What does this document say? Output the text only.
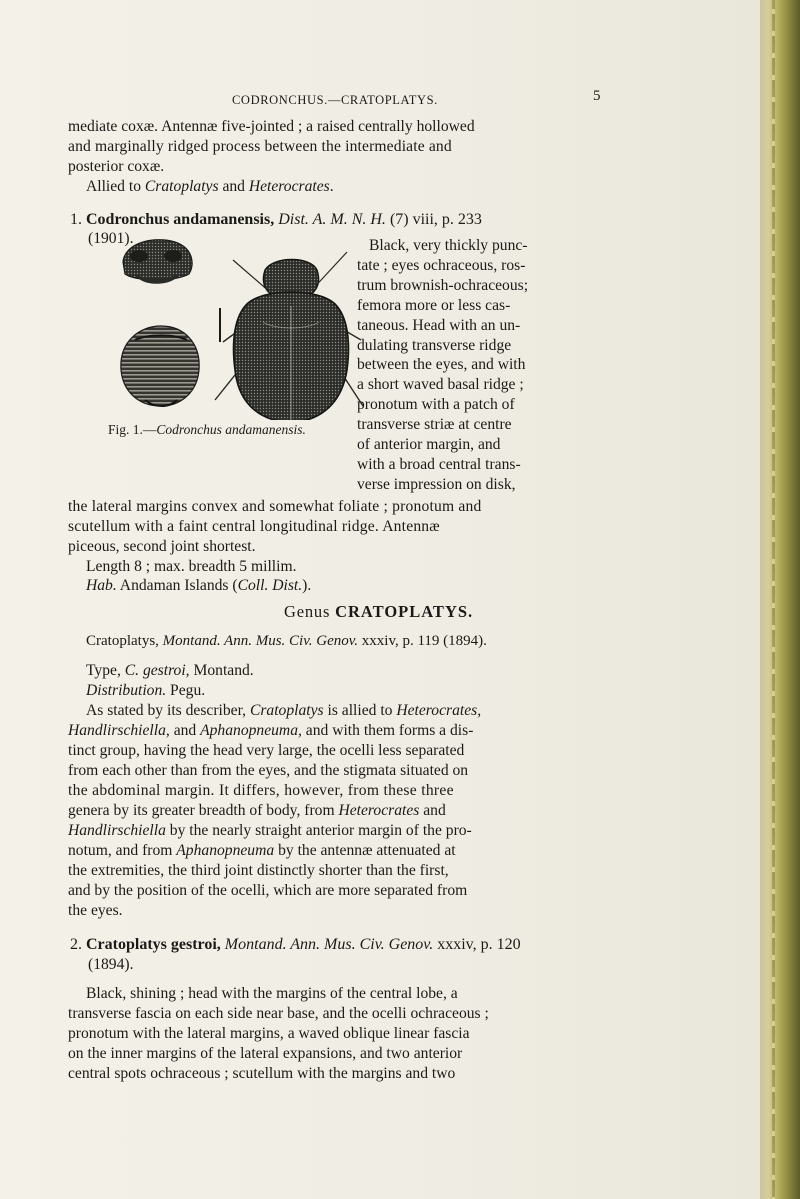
CODRONCHUS.—CRATOPLATYS.	5
mediate coxæ. Antennæ five-jointed ; a raised centrally hollowed
and marginally ridged process between the intermediate and
posterior coxæ.
Allied to Cratoplatys and Heterocrates.
1. Codronchus andamanensis, Dist. A. M. N. H. (7) viii, p. 233
(1901).
Fig. 1.—Codronchus andamanensis.
Black, very thickly punc-
tate ; eyes ochraceous, ros-
trum brownish-ochraceous;
femora more or less cas-
taneous. Head with an un-
dulating transverse ridge
between the eyes, and with
a short waved basal ridge ;
pronotum with a patch of
transverse striæ at centre
of anterior margin, and
with a broad central trans-
verse impression on disk,
the lateral margins convex and somewhat foliate ; pronotum and
scutellum with a faint central longitudinal ridge. Antennæ
piceous, second joint shortest.
Length 8 ; max. breadth 5 millim.
Hab. Andaman Islands (Coll. Dist.).
Genus CRATOPLATYS.
Cratoplatys, Montand. Ann. Mus. Civ. Genov. xxxiv, p. 119 (1894).
Type, C. gestroi, Montand.
Distribution. Pegu.
As stated by its describer, Cratoplatys is allied to Heterocrates,
Handlirschiella, and Aphanopneuma, and with them forms a dis-
tinct group, having the head very large, the ocelli less separated
from each other than from the eyes, and the stigmata situated on
the abdominal margin. It differs, however, from these three
genera by its greater breadth of body, from Heterocrates and
Handlirschiella by the nearly straight anterior margin of the pro-
notum, and from Aphanopneuma by the antennæ attenuated at
the extremities, the third joint distinctly shorter than the first,
and by the position of the ocelli, which are more separated from
the eyes.
2. Cratoplatys gestroi, Montand. Ann. Mus. Civ. Genov. xxxiv, p. 120
(1894).
Black, shining ; head with the margins of the central lobe, a
transverse fascia on each side near base, and the ocelli ochraceous ;
pronotum with the lateral margins, a waved oblique linear fascia
on the inner margins of the lateral expansions, and two anterior
central spots ochraceous ; scutellum with the margins and two
